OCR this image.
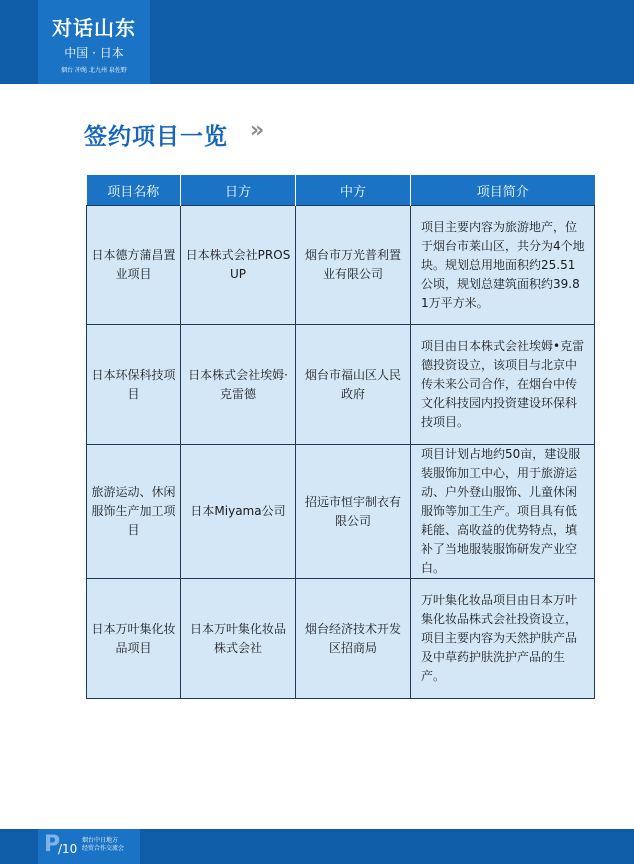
对话山东
中国 · 日本
烟台 冲绳 北九州 泉佐野
签约项目一览 »
项目名称	日方	中方	项目简介
日本德方蒲昌置业项目	日本株式会社PROSUP	烟台市万光普利置业有限公司	项目主要内容为旅游地产，位于烟台市莱山区，共分为4个地块。规划总用地面积约25.51公顷，规划总建筑面积约39.81万平方米。
日本环保科技项目	日本株式会社埃姆·克雷德	烟台市福山区人民政府	项目由日本株式会社埃姆•克雷德投资设立，该项目与北京中传未来公司合作，在烟台中传文化科技园内投资建设环保科技项目。
旅游运动、休闲服饰生产加工项目	日本Miyama公司	招远市恒宇制衣有限公司	项目计划占地约50亩，建设服装服饰加工中心，用于旅游运动、户外登山服饰、儿童休闲服饰等加工生产。项目具有低耗能、高收益的优势特点，填补了当地服装服饰研发产业空白。
日本万叶集化妆品项目	日本万叶集化妆品株式会社	烟台经济技术开发区招商局	万叶集化妆品项目由日本万叶集化妆品株式会社投资设立，项目主要内容为天然护肤产品及中草药护肤洗护产品的生产。
P
/10
烟台中日地方
经贸合作交流会
